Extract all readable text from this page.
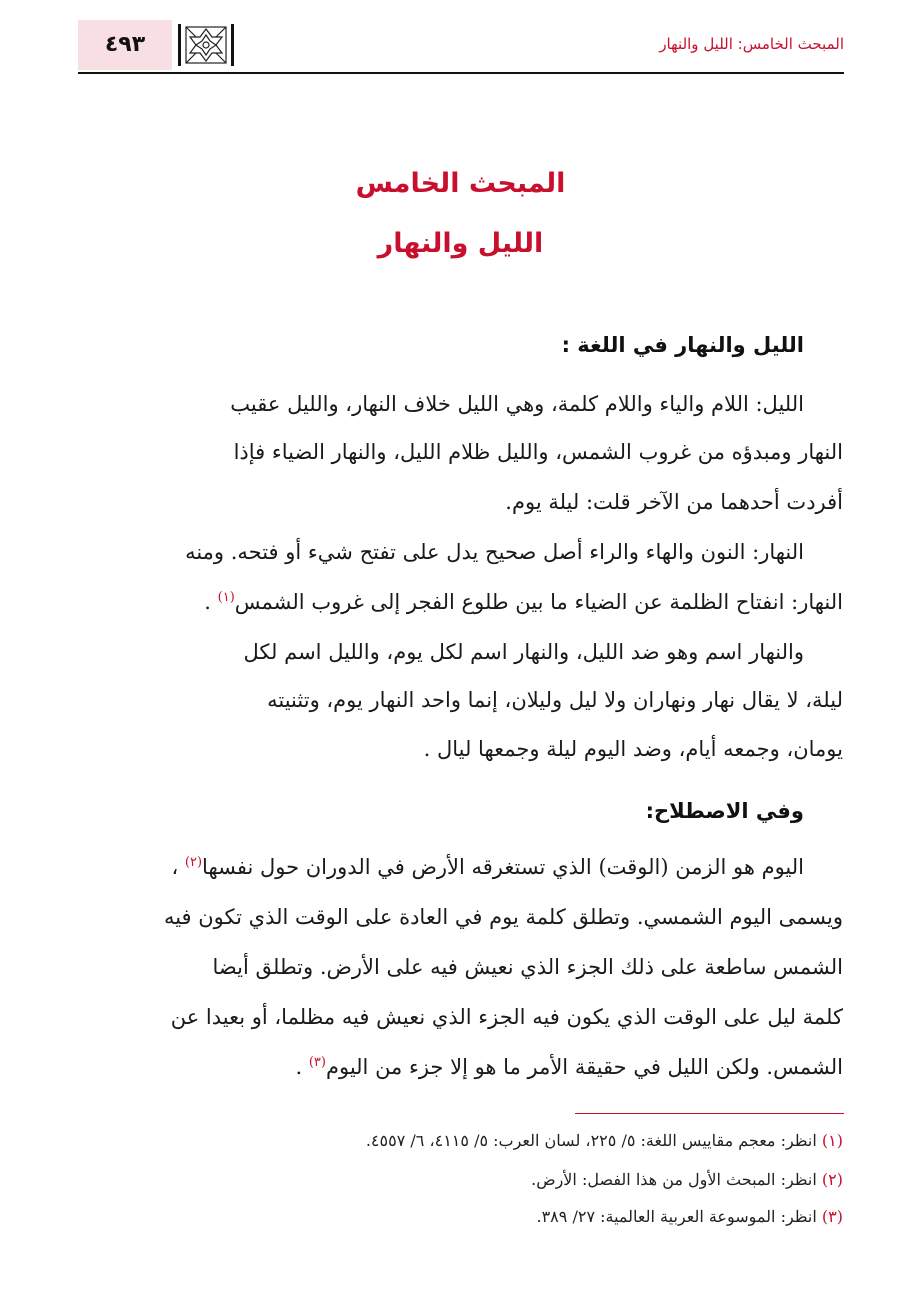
٤٩٣	المبحث الخامس: الليل والنهار
المبحث الخامس
الليل والنهار
الليل والنهار في اللغة :
الليل: اللام والياء واللام كلمة، وهي الليل خلاف النهار، والليل عقيب
النهار ومبدؤه من غروب الشمس، والليل ظلام الليل، والنهار الضياء فإذا
أفردت أحدهما من الآخر قلت: ليلة يوم.
النهار: النون والهاء والراء أصل صحيح يدل على تفتح شيء أو فتحه. ومنه
النهار: انفتاح الظلمة عن الضياء ما بين طلوع الفجر إلى غروب الشمس$^{(١)}$ .
والنهار اسم وهو ضد الليل، والنهار اسم لكل يوم، والليل اسم لكل
ليلة، لا يقال نهار ونهاران ولا ليل وليلان، إنما واحد النهار يوم، وتثنيته
يومان، وجمعه أيام، وضد اليوم ليلة وجمعها ليال .
وفي الاصطلاح:
اليوم هو الزمن (الوقت) الذي تستغرقه الأرض في الدوران حول نفسها$^{(٢)}$ ،
ويسمى اليوم الشمسي. وتطلق كلمة يوم في العادة على الوقت الذي تكون فيه
الشمس ساطعة على ذلك الجزء الذي نعيش فيه على الأرض. وتطلق أيضا
كلمة ليل على الوقت الذي يكون فيه الجزء الذي نعيش فيه مظلما، أو بعيدا عن
الشمس. ولكن الليل في حقيقة الأمر ما هو إلا جزء من اليوم$^{(٣)}$ .
(١) انظر: معجم مقاييس اللغة: ٥/ ٢٢٥، لسان العرب: ٥/ ٤١١٥، ٦/ ٤٥٥٧.
(٢) انظر: المبحث الأول من هذا الفصل: الأرض.
(٣) انظر: الموسوعة العربية العالمية: ٢٧/ ٣٨٩.
